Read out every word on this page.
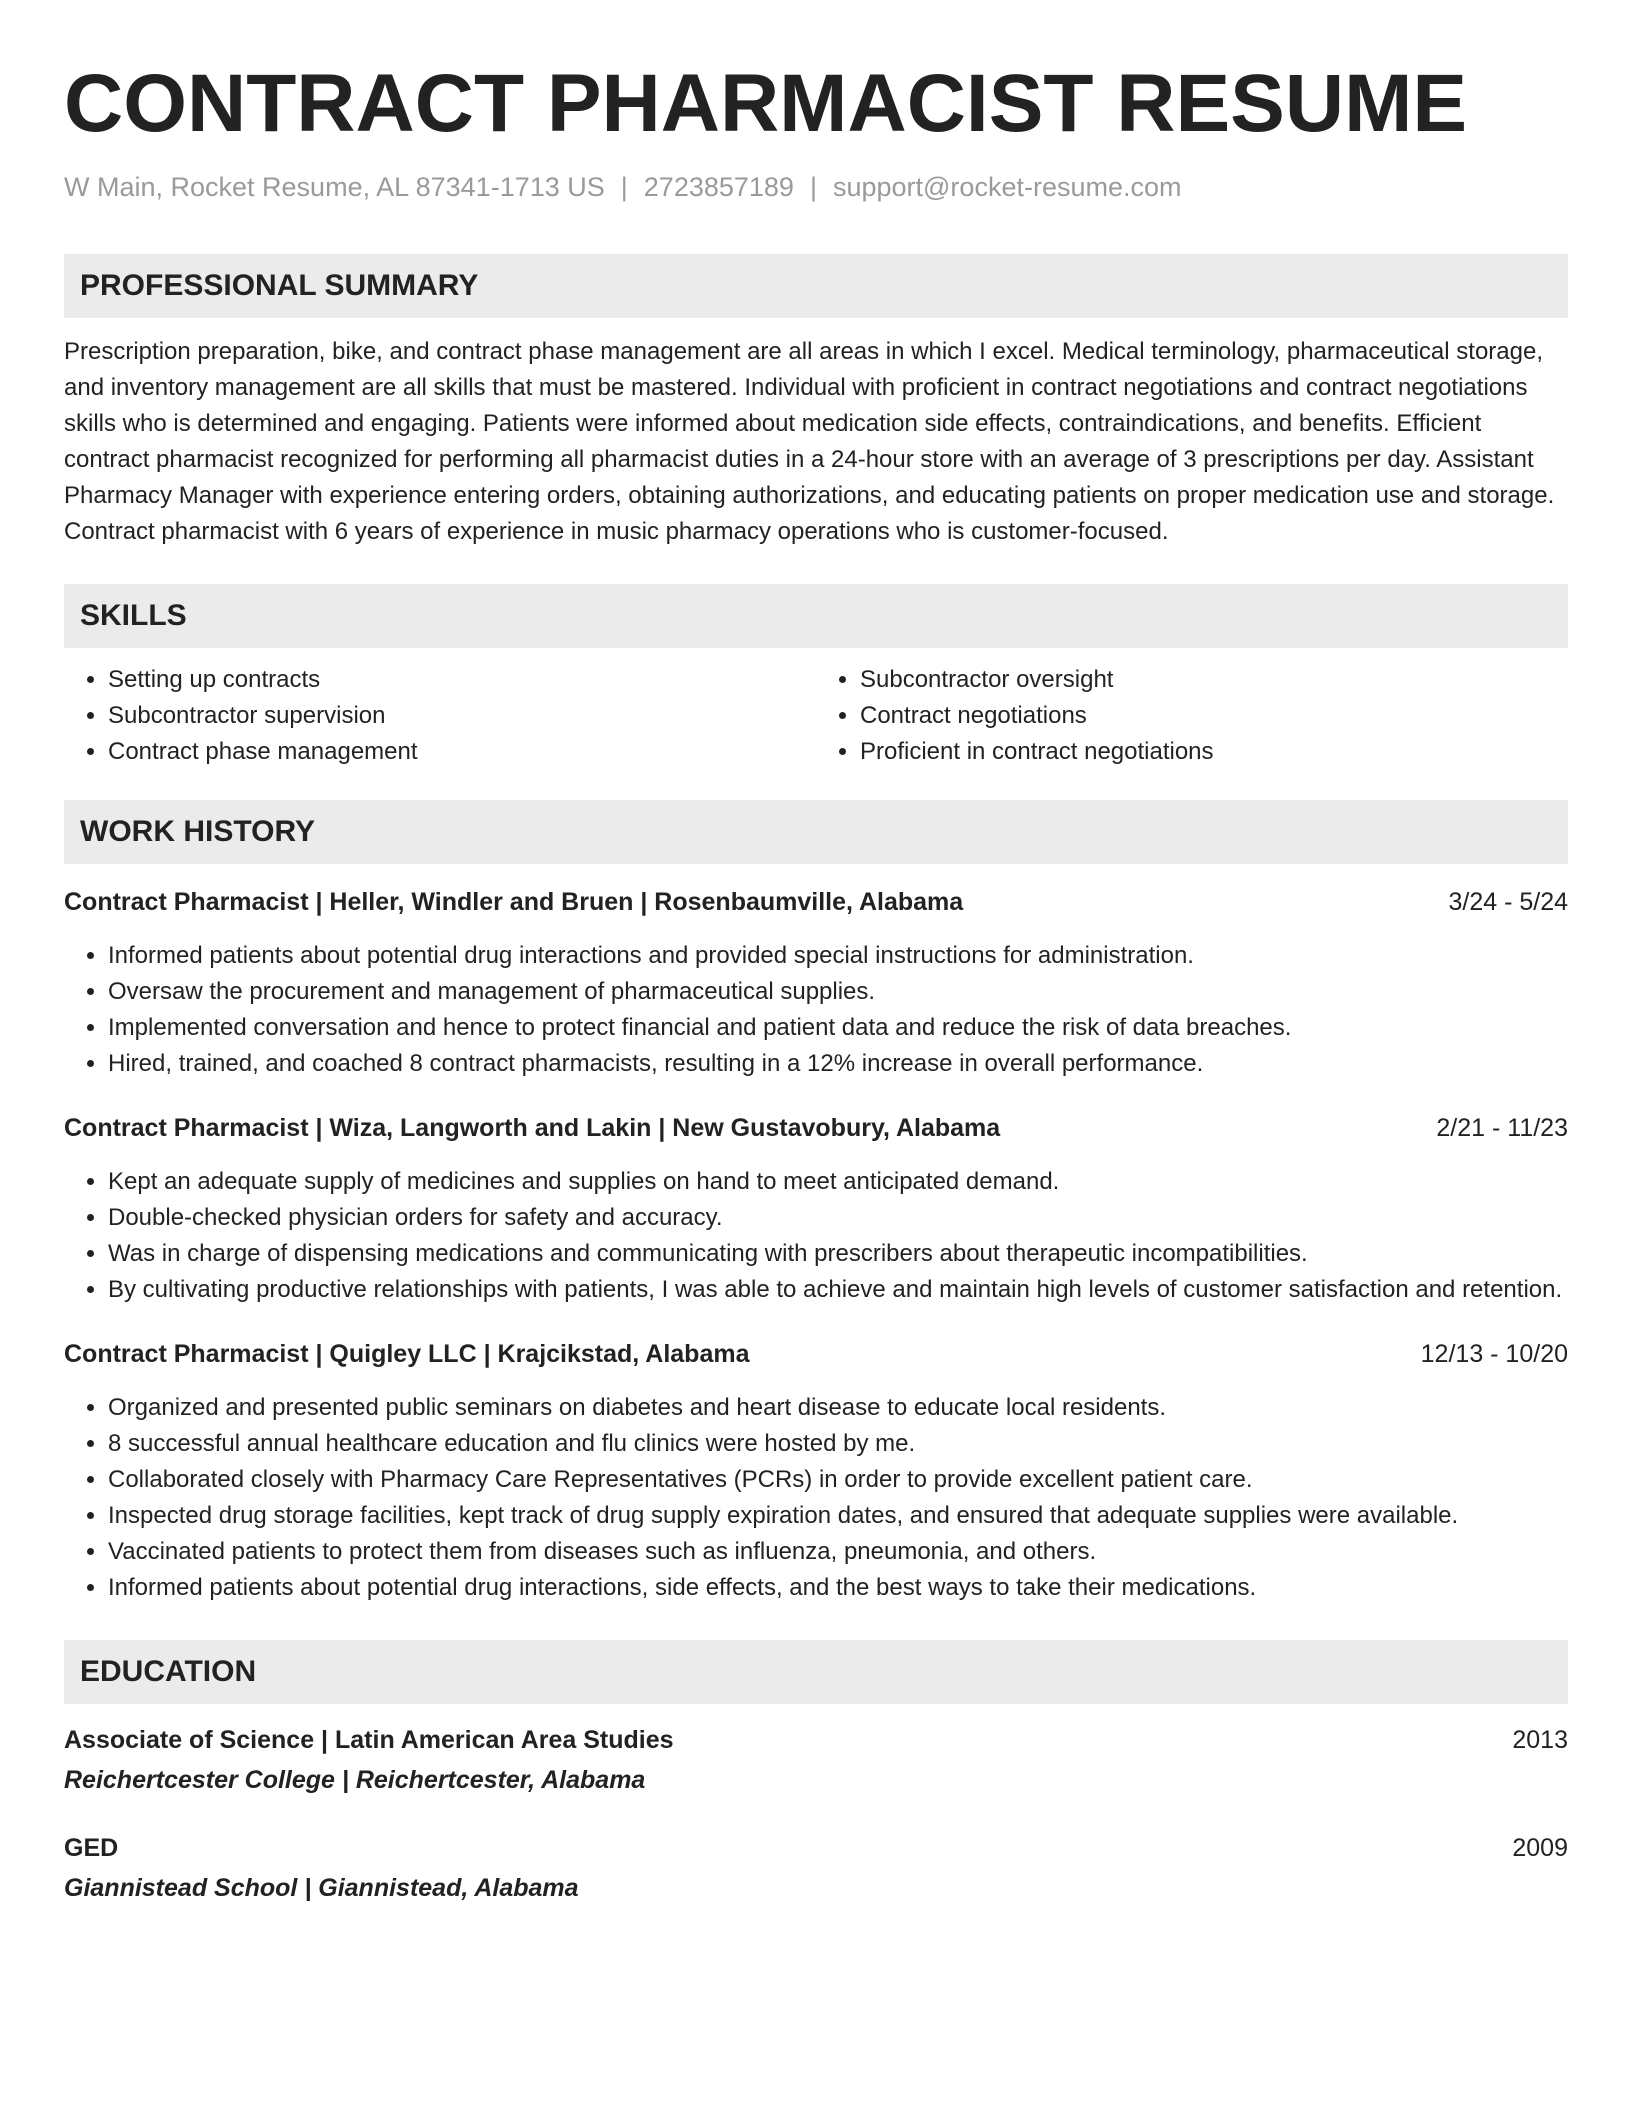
CONTRACT PHARMACIST RESUME
W Main, Rocket Resume, AL 87341-1713 US | 2723857189 | support@rocket-resume.com
PROFESSIONAL SUMMARY
Prescription preparation, bike, and contract phase management are all areas in which I excel. Medical terminology, pharmaceutical storage, and inventory management are all skills that must be mastered. Individual with proficient in contract negotiations and contract negotiations skills who is determined and engaging. Patients were informed about medication side effects, contraindications, and benefits. Efficient contract pharmacist recognized for performing all pharmacist duties in a 24-hour store with an average of 3 prescriptions per day. Assistant Pharmacy Manager with experience entering orders, obtaining authorizations, and educating patients on proper medication use and storage. Contract pharmacist with 6 years of experience in music pharmacy operations who is customer-focused.
SKILLS
• Setting up contracts
• Subcontractor supervision
• Contract phase management
• Subcontractor oversight
• Contract negotiations
• Proficient in contract negotiations
WORK HISTORY
Contract Pharmacist | Heller, Windler and Bruen | Rosenbaumville, Alabama	3/24 - 5/24
• Informed patients about potential drug interactions and provided special instructions for administration.
• Oversaw the procurement and management of pharmaceutical supplies.
• Implemented conversation and hence to protect financial and patient data and reduce the risk of data breaches.
• Hired, trained, and coached 8 contract pharmacists, resulting in a 12% increase in overall performance.
Contract Pharmacist | Wiza, Langworth and Lakin | New Gustavobury, Alabama	2/21 - 11/23
• Kept an adequate supply of medicines and supplies on hand to meet anticipated demand.
• Double-checked physician orders for safety and accuracy.
• Was in charge of dispensing medications and communicating with prescribers about therapeutic incompatibilities.
• By cultivating productive relationships with patients, I was able to achieve and maintain high levels of customer satisfaction and retention.
Contract Pharmacist | Quigley LLC | Krajcikstad, Alabama	12/13 - 10/20
• Organized and presented public seminars on diabetes and heart disease to educate local residents.
• 8 successful annual healthcare education and flu clinics were hosted by me.
• Collaborated closely with Pharmacy Care Representatives (PCRs) in order to provide excellent patient care.
• Inspected drug storage facilities, kept track of drug supply expiration dates, and ensured that adequate supplies were available.
• Vaccinated patients to protect them from diseases such as influenza, pneumonia, and others.
• Informed patients about potential drug interactions, side effects, and the best ways to take their medications.
EDUCATION
Associate of Science | Latin American Area Studies	2013
Reichertcester College | Reichertcester, Alabama
GED	2009
Giannistead School | Giannistead, Alabama
